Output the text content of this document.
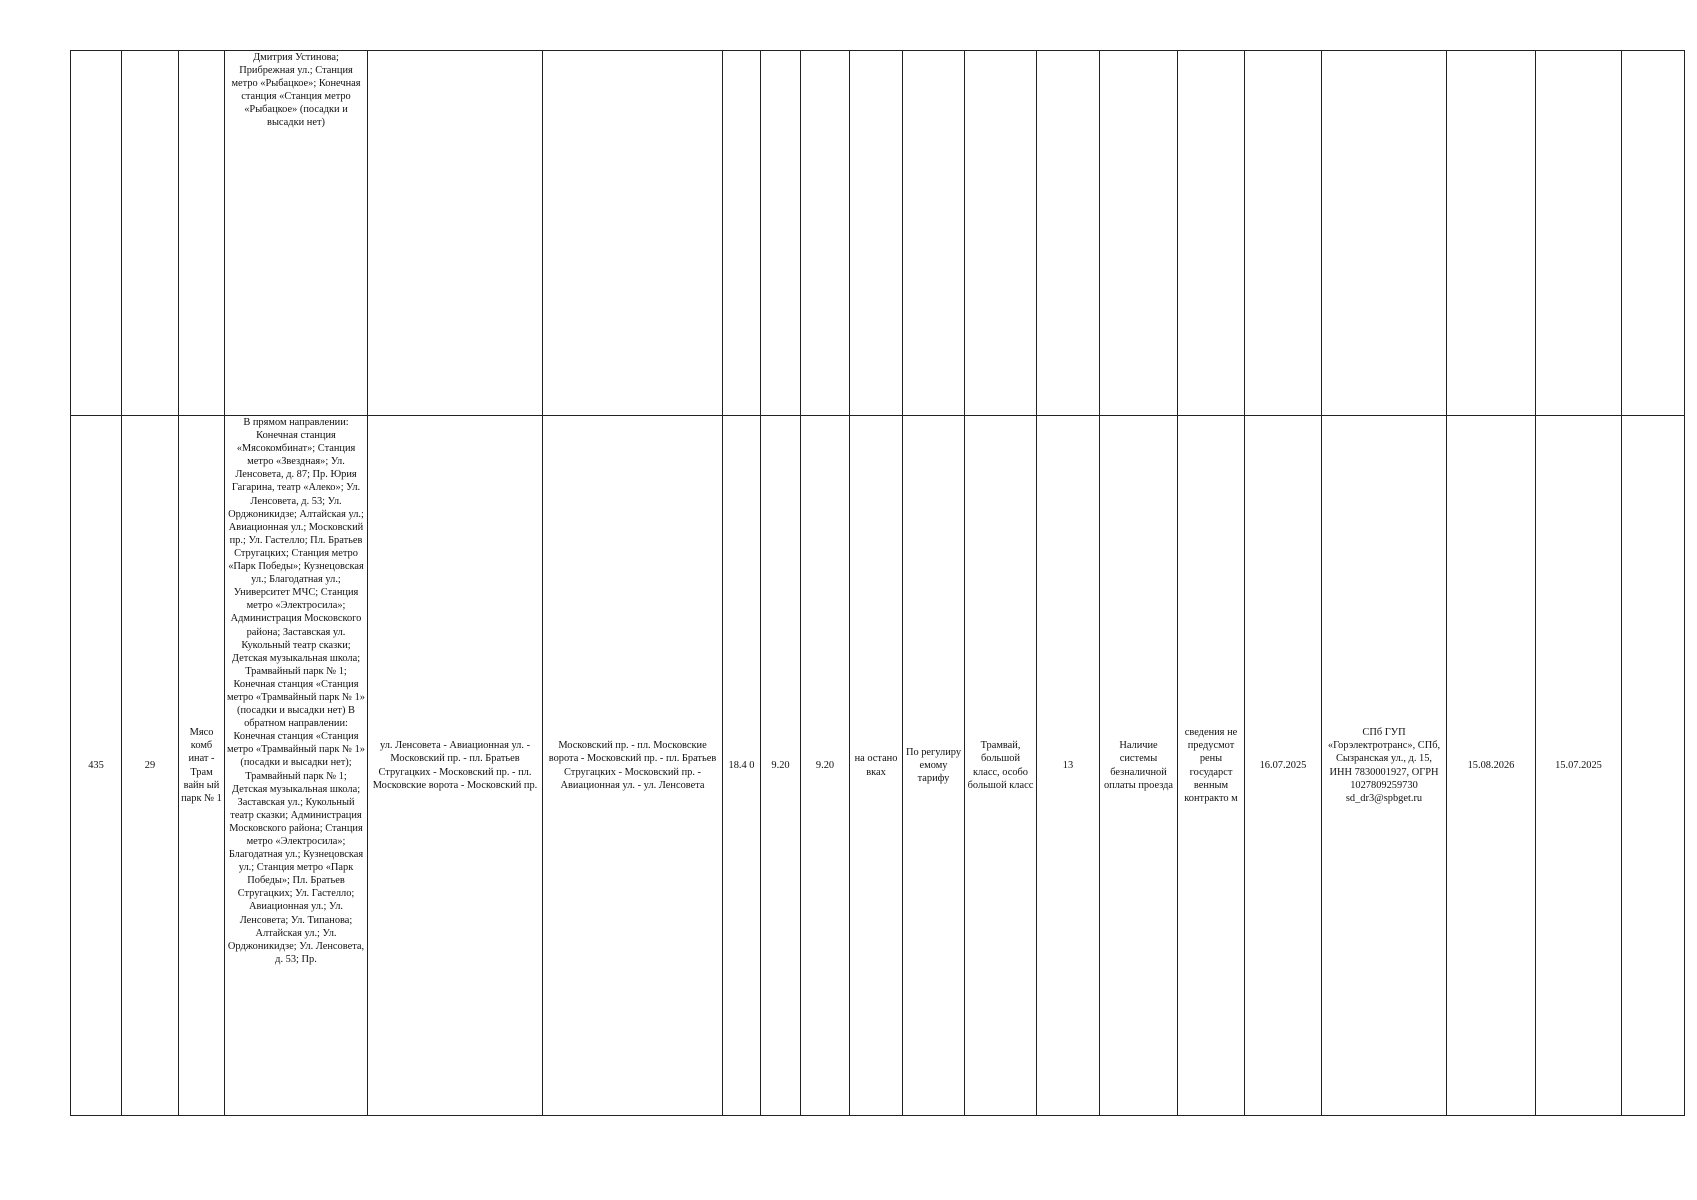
			Дмитрия Устинова; Прибрежная ул.; Станция метро «Рыбацкое»; Конечная станция «Станция метро «Рыбацкое» (посадки и высадки нет)																
435	29	Мясо комб инат - Трам вайн ый парк № 1	В прямом направлении: Конечная станция «Мясокомбинат»; Станция метро «Звездная»; Ул. Ленсовета, д. 87; Пр. Юрия Гагарина, театр «Алеко»; Ул. Ленсовета, д. 53; Ул. Орджоникидзе; Алтайская ул.; Авиационная ул.; Московский пр.; Ул. Гастелло; Пл. Братьев Стругацких; Станция метро «Парк Победы»; Кузнецовская ул.; Благодатная ул.; Университет МЧС; Станция метро «Электросила»; Администрация Московского района; Заставская ул. Кукольный театр сказки; Детская музыкальная школа; Трамвайный парк № 1; Конечная станция «Станция метро «Трамвайный парк № 1» (посадки и высадки нет) В обратном направлении: Конечная станция «Станция метро «Трамвайный парк № 1» (посадки и высадки нет); Трамвайный парк № 1; Детская музыкальная школа; Заставская ул.; Кукольный театр сказки; Администрация Московского района; Станция метро «Электросила»; Благодатная ул.; Кузнецовская ул.; Станция метро «Парк Победы»; Пл. Братьев Стругацких; Ул. Гастелло; Авиационная ул.; Ул. Ленсовета; Ул. Типанова; Алтайская ул.; Ул. Орджоникидзе; Ул. Ленсовета, д. 53; Пр.	ул. Ленсовета - Авиационная ул. - Московский пр. - пл. Братьев Стругацких - Московский пр. - пл. Московские ворота - Московский пр.	Московский пр. - пл. Московские ворота - Московский пр. - пл. Братьев Стругацких - Московский пр. - Авиационная ул. - ул. Ленсовета	18.4 0	9.20	9.20	на остано вках	По регулиру емому тарифу	Трамвай, большой класс, особо большой класс	13	Наличие системы безналичной оплаты проезда	сведения не предусмот рены государст венным контракто м	16.07.2025	СПб ГУП «Горэлектротранс», СПб, Сызранская ул., д. 15, ИНН 7830001927, ОГРН 1027809259730 sd_dr3@spbget.ru	15.08.2026	15.07.2025	
